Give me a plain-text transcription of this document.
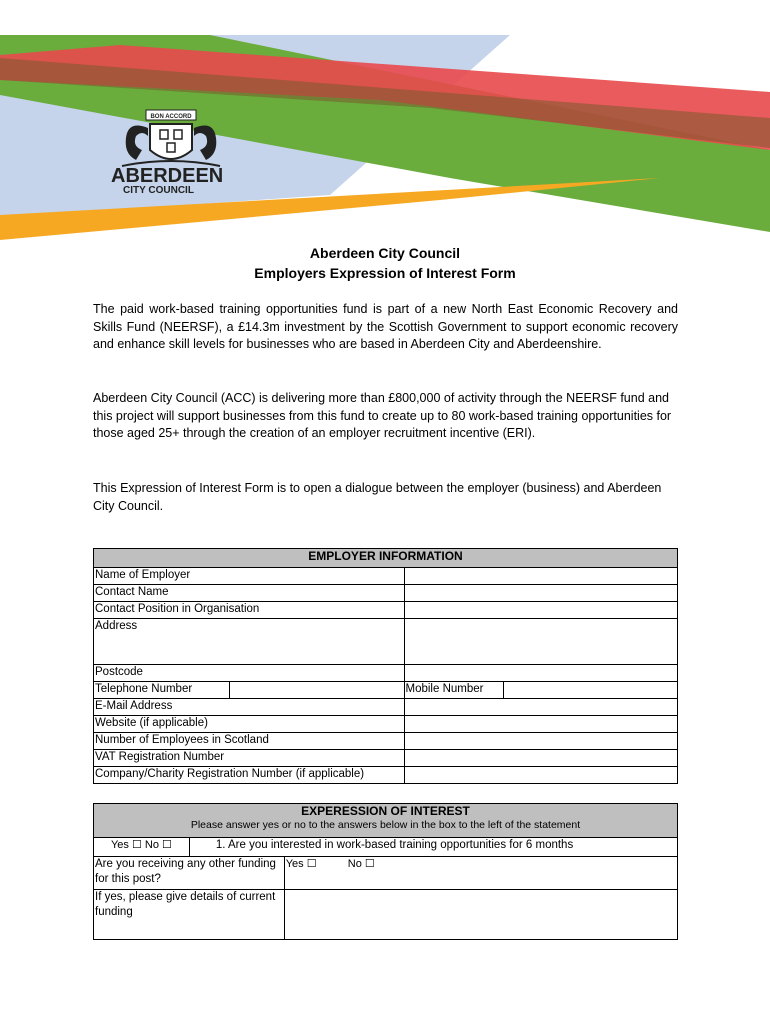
BON ACCORD
ABERDEEN
CITY COUNCIL
Aberdeen City Council
Employers Expression of Interest Form

The paid work-based training opportunities fund is part of a new North East Economic Recovery and Skills Fund (NEERSF), a £14.3m investment by the Scottish Government to support economic recovery and enhance skill levels for businesses who are based in Aberdeen City and Aberdeenshire.

Aberdeen City Council (ACC) is delivering more than £800,000 of activity through the NEERSF fund and this project will support businesses from this fund to create up to 80 work-based training opportunities for those aged 25+ through the creation of an employer recruitment incentive (ERI).

This Expression of Interest Form is to open a dialogue between the employer (business) and Aberdeen City Council.

EMPLOYER INFORMATION			
Name of Employer			
Contact Name			
Contact Position in Organisation			
Address			
Postcode			
Telephone Number		Mobile Number	
E-Mail Address			
Website (if applicable)			
Number of Employees in Scotland			
VAT Registration Number			
Company/Charity Registration Number (if applicable)			
EXPERESSION OF INTEREST
Please answer yes or no to the answers below in the box to the left of the statement		

Yes ☐ No ☐	1. Are you interested in work-based training opportunities for 6 months	
Are you receiving any other funding for this post?		Yes ☐ No ☐
If yes, please give details of current funding		
